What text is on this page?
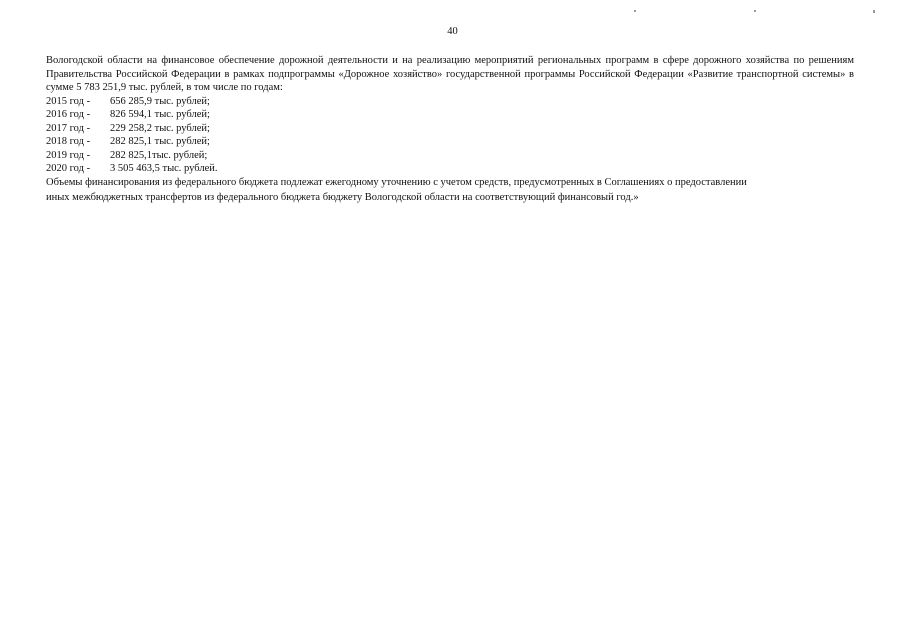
40

Вологодской области на финансовое обеспечение дорожной деятельности и на реализацию мероприятий региональных программ в сфере дорожного хозяйства по решениям Правительства Российской Федерации в рамках подпрограммы «Дорожное хозяйство» государственной программы Российской Федерации «Развитие транспортной системы» в сумме 5 783 251,9 тыс. рублей, в том числе по годам:

2015 год -	656 285,9 тыс. рублей;
2016 год -	826 594,1 тыс. рублей;
2017 год -	229 258,2 тыс. рублей;
2018 год -	282 825,1 тыс. рублей;
2019 год -	282 825,1тыс. рублей;
2020 год -	3 505 463,5 тыс. рублей.

Объемы финансирования из федерального бюджета подлежат ежегодному уточнению с учетом средств, предусмотренных в Соглашениях о предоставлении
иных межбюджетных трансфертов из федерального бюджета бюджету Вологодской области на соответствующий финансовый год.»
